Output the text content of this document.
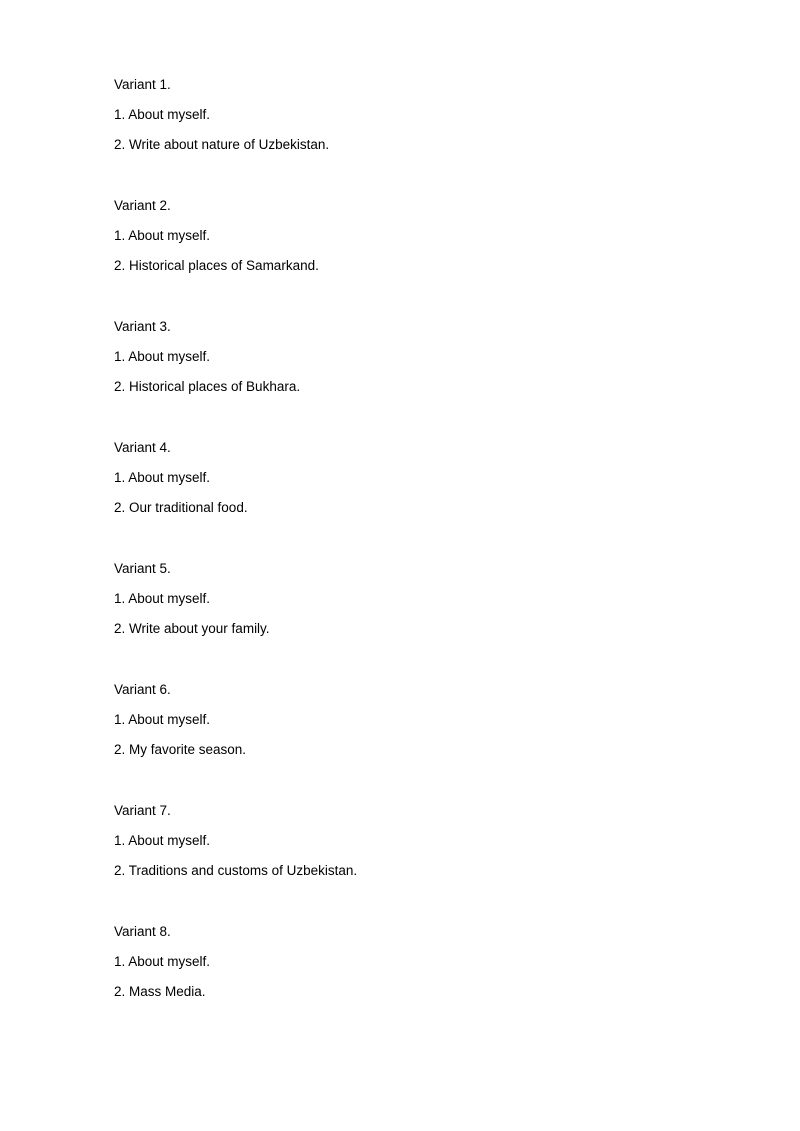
Variant 1.
1. About myself.
2. Write about nature of Uzbekistan.
Variant 2.
1. About myself.
2. Historical places of Samarkand.
Variant 3.
1. About myself.
2. Historical places of Bukhara.
Variant 4.
1. About myself.
2. Our traditional food.
Variant 5.
1. About myself.
2. Write about your family.
Variant 6.
1. About myself.
2. My favorite season.
Variant 7.
1. About myself.
2. Traditions and customs of Uzbekistan.
Variant 8.
1. About myself.
2. Mass Media.
